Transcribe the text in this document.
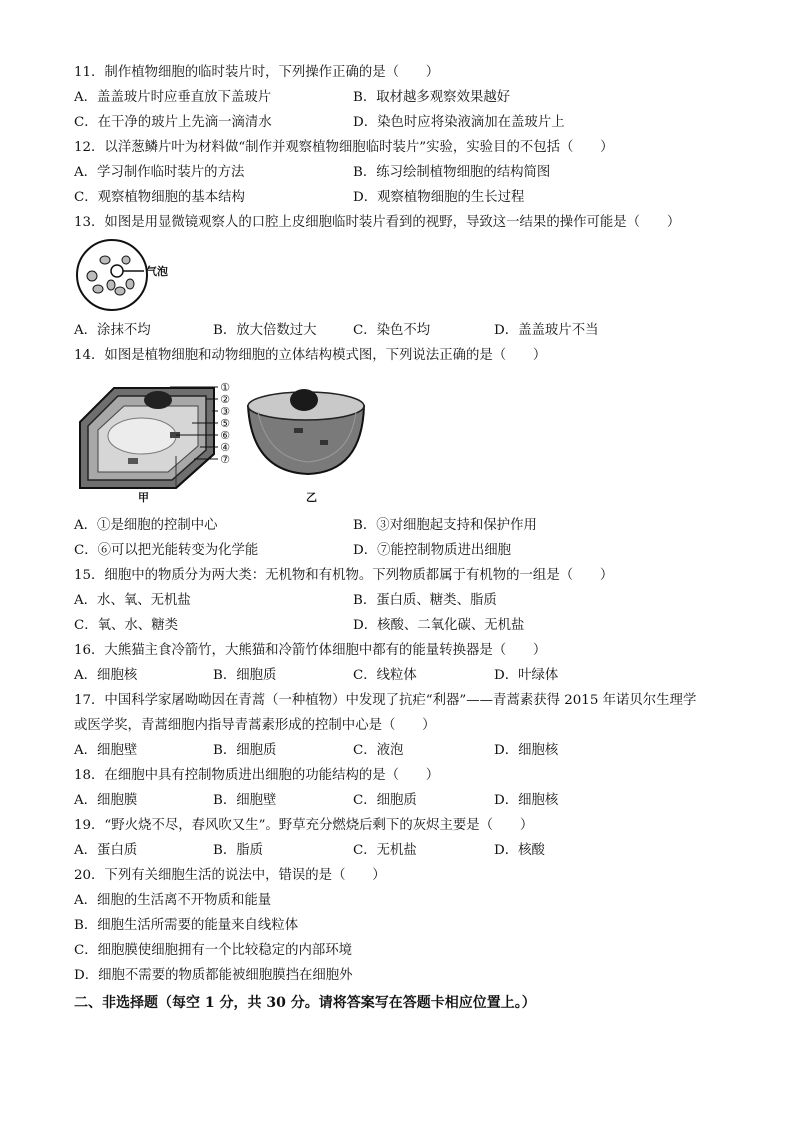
11．制作植物细胞的临时装片时，下列操作正确的是（　　）
A．盖盖玻片时应垂直放下盖玻片	B．取材越多观察效果越好
C．在干净的玻片上先滴一滴清水	D．染色时应将染液滴加在盖玻片上
12．以洋葱鳞片叶为材料做“制作并观察植物细胞临时装片”实验，实验目的不包括（　　）
A．学习制作临时装片的方法	B．练习绘制植物细胞的结构简图
C．观察植物细胞的基本结构	D．观察植物细胞的生长过程
13．如图是用显微镜观察人的口腔上皮细胞临时装片看到的视野，导致这一结果的操作可能是（　　）
气泡
A．涂抹不均	B．放大倍数过大	C．染色不均	D．盖盖玻片不当
14．如图是植物细胞和动物细胞的立体结构模式图，下列说法正确的是（　　）
①
②
③
⑤
⑥
④
⑦
甲	乙
A．①是细胞的控制中心	B．③对细胞起支持和保护作用
C．⑥可以把光能转变为化学能	D．⑦能控制物质进出细胞
15．细胞中的物质分为两大类：无机物和有机物。下列物质都属于有机物的一组是（　　）
A．水、氧、无机盐	B．蛋白质、糖类、脂质
C．氧、水、糖类	D．核酸、二氧化碳、无机盐
16．大熊猫主食冷箭竹，大熊猫和冷箭竹体细胞中都有的能量转换器是（　　）
A．细胞核	B．细胞质	C．线粒体	D．叶绿体
17．中国科学家屠呦呦因在青蒿（一种植物）中发现了抗疟“利器”——青蒿素获得 2015 年诺贝尔生理学
或医学奖，青蒿细胞内指导青蒿素形成的控制中心是（　　）
A．细胞壁	B．细胞质	C．液泡	D．细胞核
18．在细胞中具有控制物质进出细胞的功能结构的是（　　）
A．细胞膜	B．细胞壁	C．细胞质	D．细胞核
19．“野火烧不尽，春风吹又生”。野草充分燃烧后剩下的灰烬主要是（　　）
A．蛋白质	B．脂质	C．无机盐	D．核酸
20．下列有关细胞生活的说法中，错误的是（　　）
A．细胞的生活离不开物质和能量
B．细胞生活所需要的能量来自线粒体
C．细胞膜使细胞拥有一个比较稳定的内部环境
D．细胞不需要的物质都能被细胞膜挡在细胞外
二、非选择题（每空 1 分，共 30 分。请将答案写在答题卡相应位置上。）
